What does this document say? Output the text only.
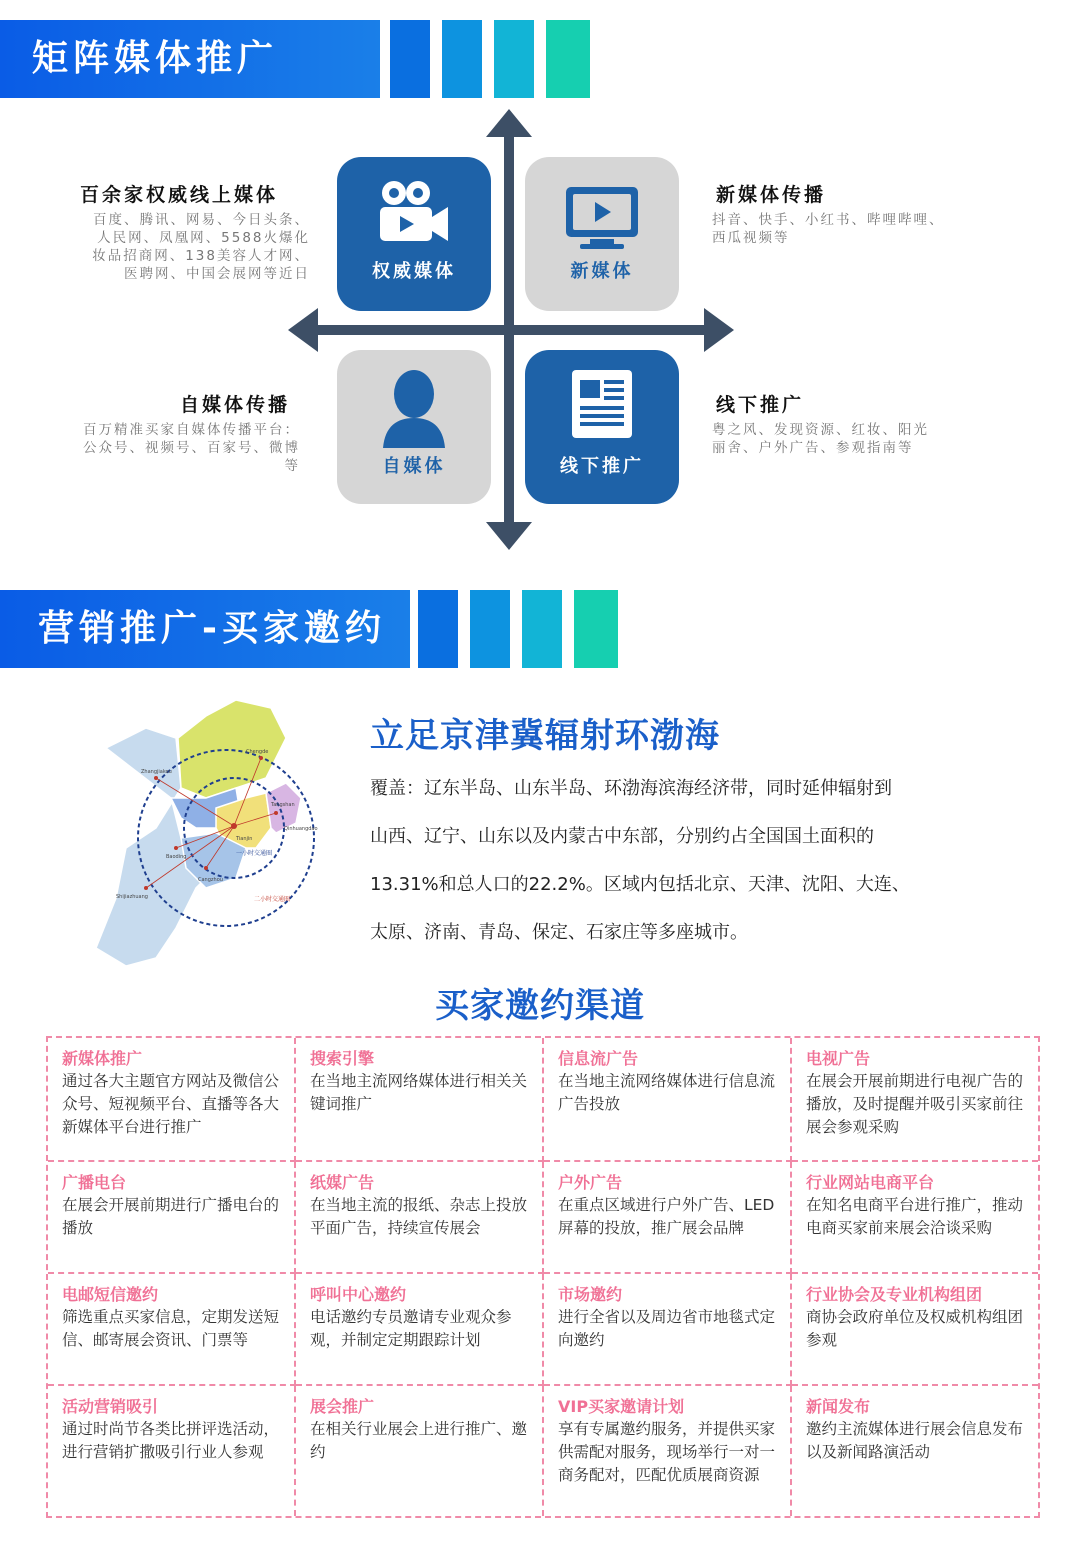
矩阵媒体推广
权威媒体	新媒体
自媒体	线下推广
百余家权威线上媒体
百度、腾讯、网易、今日头条、
人民网、凤凰网、5588火爆化
妆品招商网、138美容人才网、
医聘网、中国会展网等近日
新媒体传播
抖音、快手、小红书、哔哩哔哩、
西瓜视频等
自媒体传播
百万精准买家自媒体传播平台：
公众号、视频号、百家号、微博
等
线下推广
粤之风、发现资源、红妆、阳光
丽舍、户外广告、参观指南等
营销推广-买家邀约
一小时交通圈
二小时交通圈
Chengde
Zhangjiakou
Baoding
Shijiazhuang
Cangzhou
Tangshan
Qinhuangdao
Tianjin
立足京津冀辐射环渤海
覆盖：辽东半岛、山东半岛、环渤海滨海经济带，同时延伸辐射到
山西、辽宁、山东以及内蒙古中东部，分别约占全国国土面积的
13.31%和总人口的22.2%。区域内包括北京、天津、沈阳、大连、
太原、济南、青岛、保定、石家庄等多座城市。
买家邀约渠道
新媒体推广
通过各大主题官方网站及微信公众号、短视频平台、直播等各大新媒体平台进行推广
搜索引擎
在当地主流网络媒体进行相关关键词推广
信息流广告
在当地主流网络媒体进行信息流广告投放
电视广告
在展会开展前期进行电视广告的播放，及时提醒并吸引买家前往展会参观采购
广播电台
在展会开展前期进行广播电台的播放
纸媒广告
在当地主流的报纸、杂志上投放平面广告，持续宣传展会
户外广告
在重点区域进行户外广告、LED屏幕的投放，推广展会品牌
行业网站电商平台
在知名电商平台进行推广，推动电商买家前来展会洽谈采购
电邮短信邀约
筛选重点买家信息，定期发送短信、邮寄展会资讯、门票等
呼叫中心邀约
电话邀约专员邀请专业观众参观，并制定定期跟踪计划
市场邀约
进行全省以及周边省市地毯式定向邀约
行业协会及专业机构组团
商协会政府单位及权威机构组团参观
活动营销吸引
通过时尚节各类比拼评选活动，进行营销扩撒吸引行业人参观
展会推广
在相关行业展会上进行推广、邀约
VIP买家邀请计划
享有专属邀约服务，并提供买家供需配对服务，现场举行一对一商务配对，匹配优质展商资源
新闻发布
邀约主流媒体进行展会信息发布以及新闻路演活动
